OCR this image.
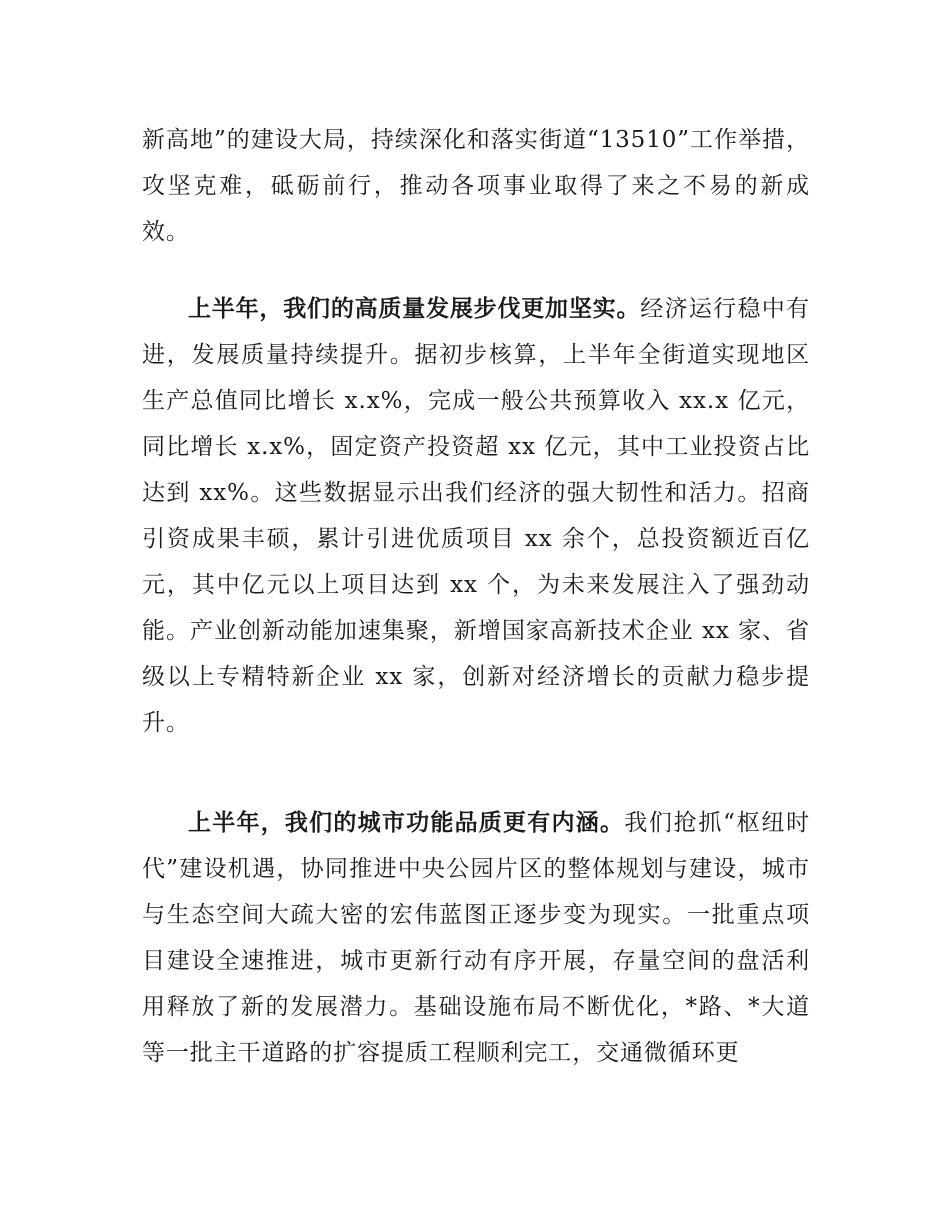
新高地”的建设大局，持续深化和落实街道“13510”工作举措，攻坚克难，砥砺前行，推动各项事业取得了来之不易的新成效。

上半年，我们的高质量发展步伐更加坚实。经济运行稳中有进，发展质量持续提升。据初步核算，上半年全街道实现地区生产总值同比增长 x.x%，完成一般公共预算收入 xx.x 亿元，同比增长 x.x%，固定资产投资超 xx 亿元，其中工业投资占比达到 xx%。这些数据显示出我们经济的强大韧性和活力。招商引资成果丰硕，累计引进优质项目 xx 余个，总投资额近百亿元，其中亿元以上项目达到 xx 个，为未来发展注入了强劲动能。产业创新动能加速集聚，新增国家高新技术企业 xx 家、省级以上专精特新企业 xx 家，创新对经济增长的贡献力稳步提升。

上半年，我们的城市功能品质更有内涵。我们抢抓“枢纽时代”建设机遇，协同推进中央公园片区的整体规划与建设，城市与生态空间大疏大密的宏伟蓝图正逐步变为现实。一批重点项目建设全速推进，城市更新行动有序开展，存量空间的盘活利用释放了新的发展潜力。基础设施布局不断优化，*路、*大道等一批主干道路的扩容提质工程顺利完工，交通微循环更
